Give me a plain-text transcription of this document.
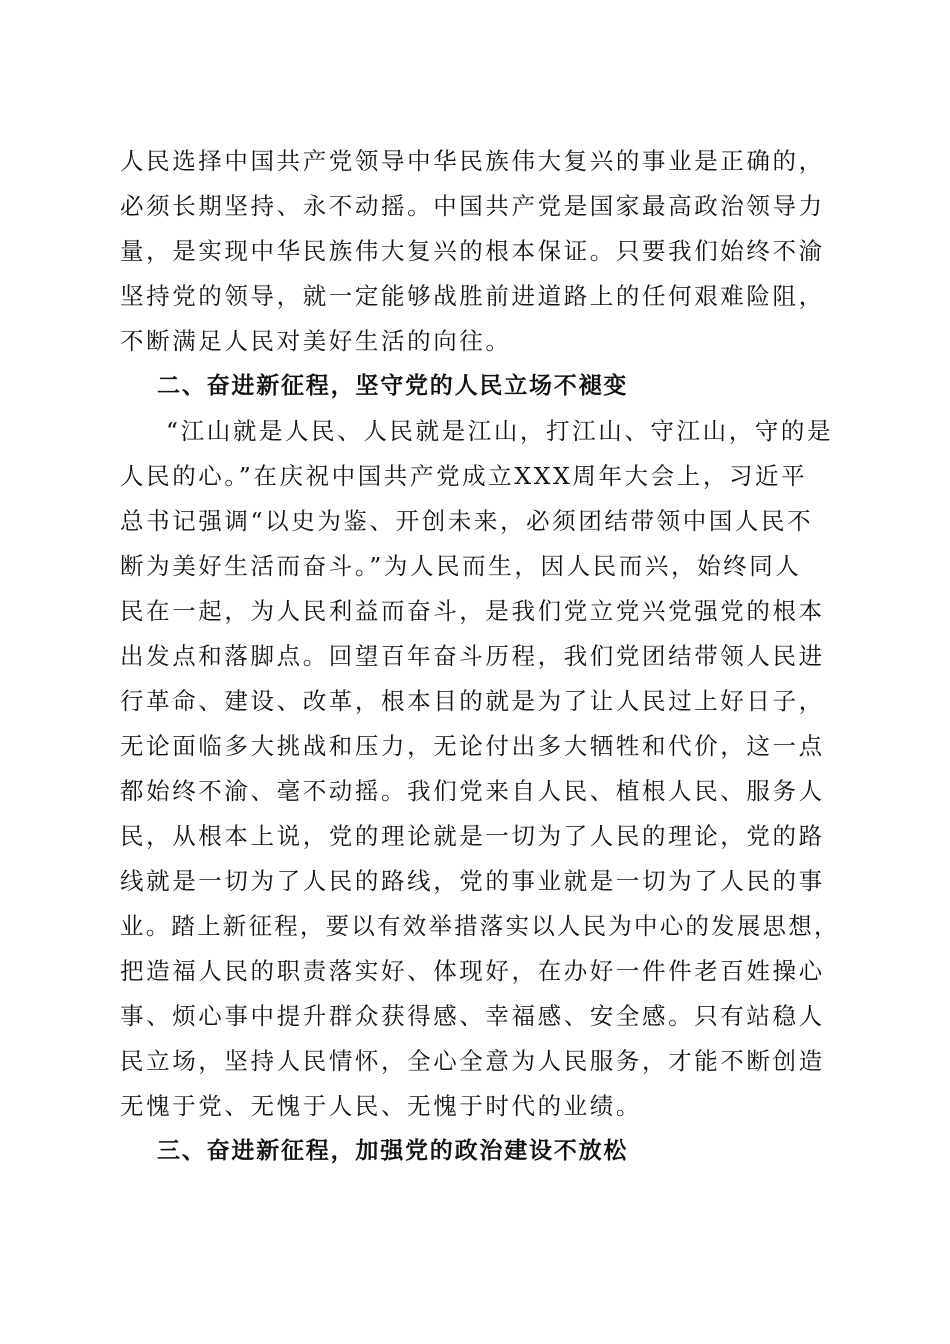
人民选择中国共产党领导中华民族伟大复兴的事业是正确的，
必须长期坚持、永不动摇。中国共产党是国家最高政治领导力
量，是实现中华民族伟大复兴的根本保证。只要我们始终不渝
坚持党的领导，就一定能够战胜前进道路上的任何艰难险阻，
不断满足人民对美好生活的向往。
二、奋进新征程，坚守党的人民立场不褪变
“江山就是人民、人民就是江山，打江山、守江山，守的是
人民的心。”在庆祝中国共产党成立XXX周年大会上，习近平
总书记强调“以史为鉴、开创未来，必须团结带领中国人民不
断为美好生活而奋斗。”为人民而生，因人民而兴，始终同人
民在一起，为人民利益而奋斗，是我们党立党兴党强党的根本
出发点和落脚点。回望百年奋斗历程，我们党团结带领人民进
行革命、建设、改革，根本目的就是为了让人民过上好日子，
无论面临多大挑战和压力，无论付出多大牺牲和代价，这一点
都始终不渝、毫不动摇。我们党来自人民、植根人民、服务人
民，从根本上说，党的理论就是一切为了人民的理论，党的路
线就是一切为了人民的路线，党的事业就是一切为了人民的事
业。踏上新征程，要以有效举措落实以人民为中心的发展思想，
把造福人民的职责落实好、体现好，在办好一件件老百姓操心
事、烦心事中提升群众获得感、幸福感、安全感。只有站稳人
民立场，坚持人民情怀，全心全意为人民服务，才能不断创造
无愧于党、无愧于人民、无愧于时代的业绩。
三、奋进新征程，加强党的政治建设不放松
